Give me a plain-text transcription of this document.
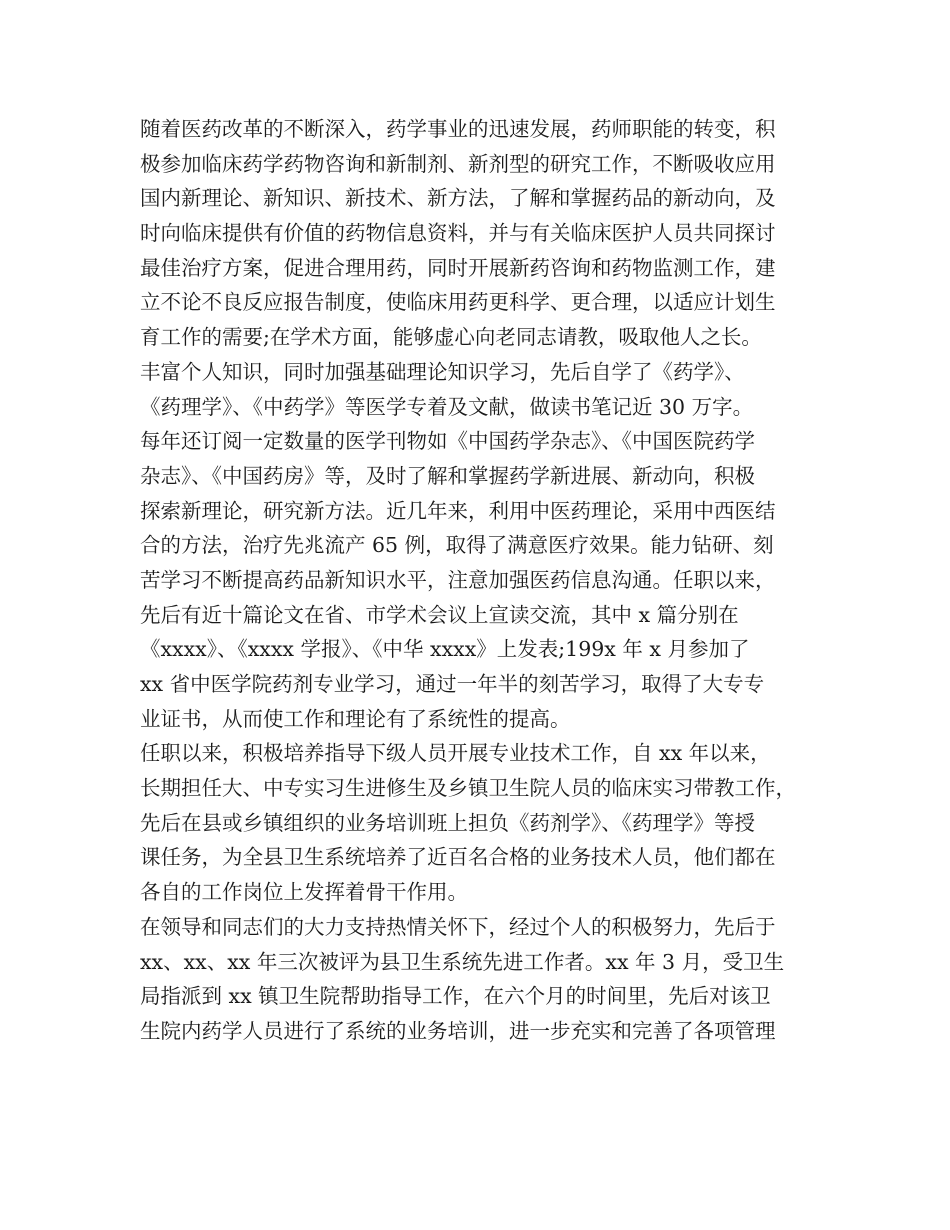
随着医药改革的不断深入，药学事业的迅速发展，药师职能的转变，积
极参加临床药学药物咨询和新制剂、新剂型的研究工作，不断吸收应用
国内新理论、新知识、新技术、新方法，了解和掌握药品的新动向，及
时向临床提供有价值的药物信息资料，并与有关临床医护人员共同探讨
最佳治疗方案，促进合理用药，同时开展新药咨询和药物监测工作，建
立不论不良反应报告制度，使临床用药更科学、更合理，以适应计划生
育工作的需要;在学术方面，能够虚心向老同志请教，吸取他人之长。
丰富个人知识，同时加强基础理论知识学习，先后自学了《药学》、
《药理学》、《中药学》等医学专着及文献，做读书笔记近 30 万字。
每年还订阅一定数量的医学刊物如《中国药学杂志》、《中国医院药学
杂志》、《中国药房》等，及时了解和掌握药学新进展、新动向，积极
探索新理论，研究新方法。近几年来，利用中医药理论，采用中西医结
合的方法，治疗先兆流产 65 例，取得了满意医疗效果。能力钻研、刻
苦学习不断提高药品新知识水平，注意加强医药信息沟通。任职以来，
先后有近十篇论文在省、市学术会议上宣读交流，其中 x 篇分别在
《xxxx》、《xxxx 学报》、《中华 xxxx》上发表;199x 年 x 月参加了
xx 省中医学院药剂专业学习，通过一年半的刻苦学习，取得了大专专
业证书，从而使工作和理论有了系统性的提高。
任职以来，积极培养指导下级人员开展专业技术工作，自 xx 年以来，
长期担任大、中专实习生进修生及乡镇卫生院人员的临床实习带教工作，
先后在县或乡镇组织的业务培训班上担负《药剂学》、《药理学》等授
课任务，为全县卫生系统培养了近百名合格的业务技术人员，他们都在
各自的工作岗位上发挥着骨干作用。
在领导和同志们的大力支持热情关怀下，经过个人的积极努力，先后于
xx、xx、xx 年三次被评为县卫生系统先进工作者。xx 年 3 月，受卫生
局指派到 xx 镇卫生院帮助指导工作，在六个月的时间里，先后对该卫
生院内药学人员进行了系统的业务培训，进一步充实和完善了各项管理
